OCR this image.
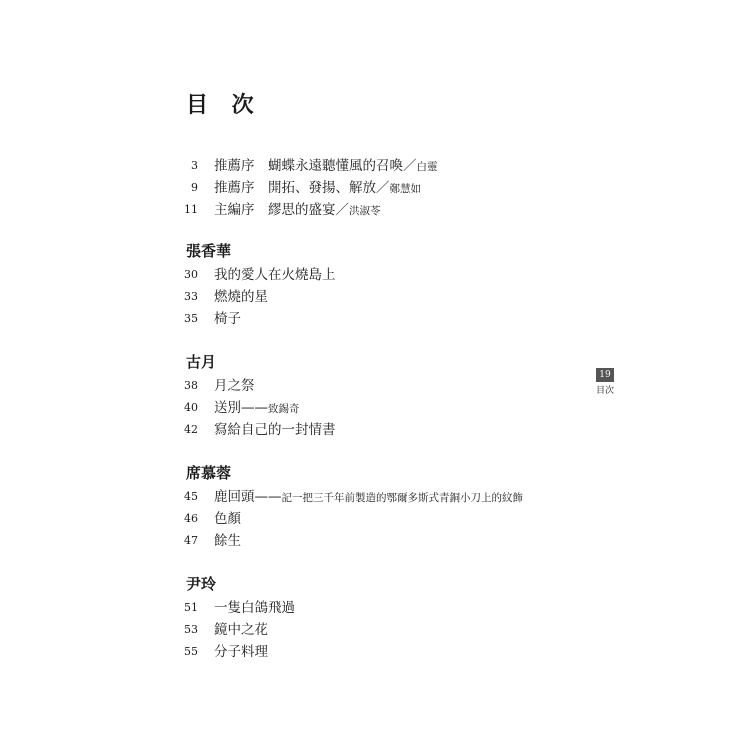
目 次
3	推薦序　 蝴蝶永遠聽懂風的召喚／白靈
9	推薦序　 開拓、發揚、解放／鄭慧如
11	主編序　 繆思的盛宴／洪淑苓
張香華
30	我的愛人在火燒島上
33	燃燒的星
35	椅子
古月
38	月之祭
40	送別——致錫奇
42	寫給自己的一封情書
席慕蓉
45	鹿回頭——記一把三千年前製造的鄂爾多斯式青銅小刀上的紋飾
46	色顏
47	餘生
尹玲
51	一隻白鴿飛過
53	鏡中之花
55	分子料理
19
目次
